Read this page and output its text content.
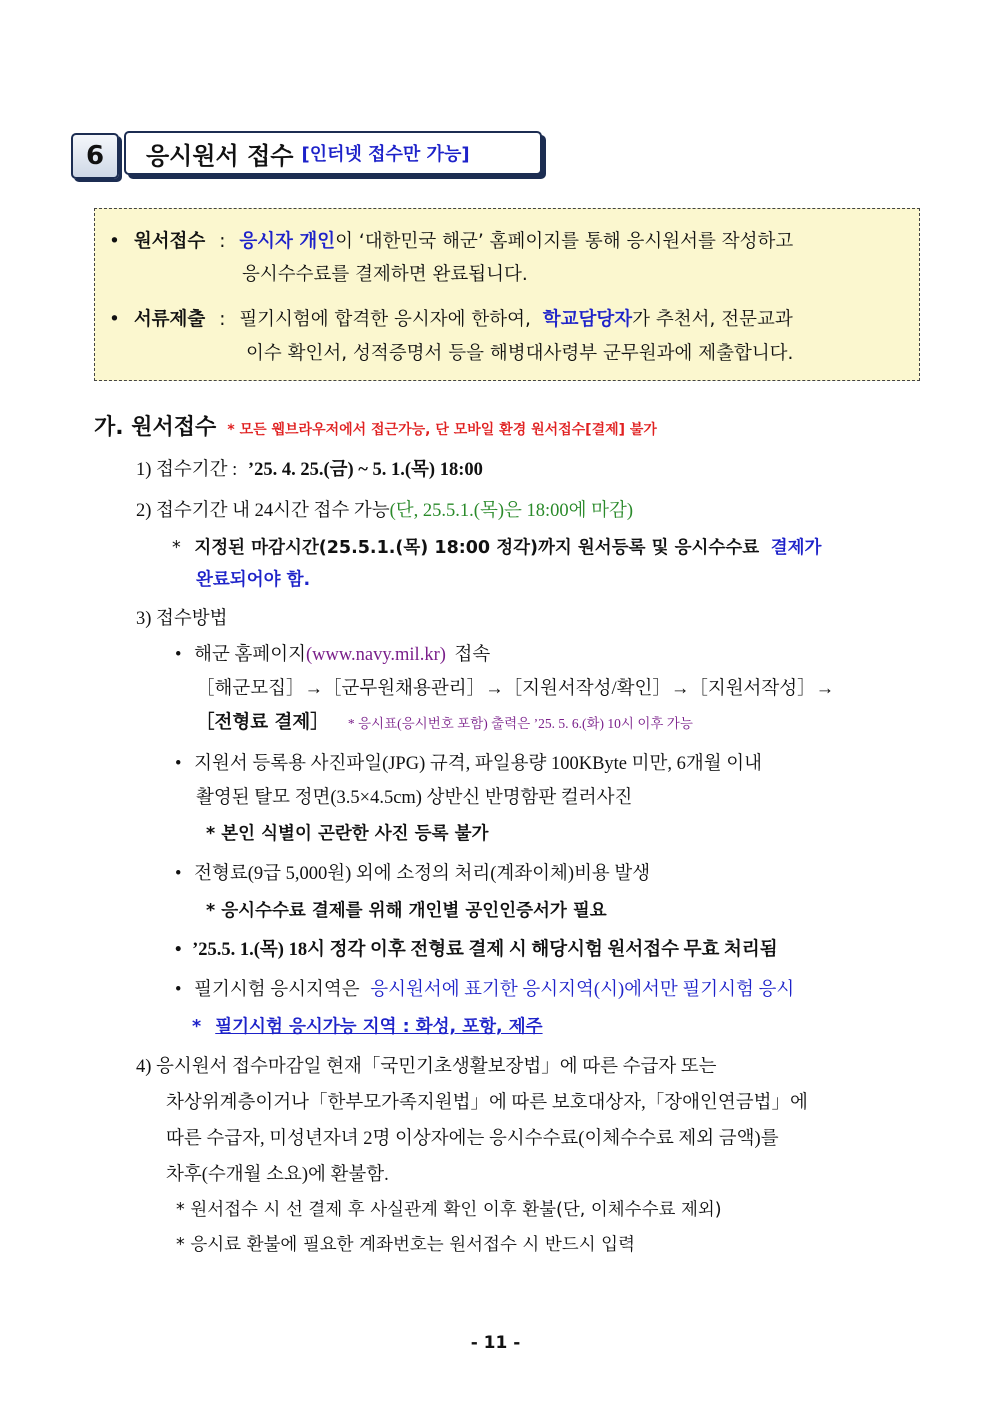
6 응시원서 접수 [인터넷 접수만 가능]
• 원서접수 : 응시자 개인이 ‘대한민국 해군’ 홈페이지를 통해 응시원서를 작성하고
응시수수료를 결제하면 완료됩니다.
• 서류제출 : 필기시험에 합격한 응시자에 한하여, 학교담당자가 추천서, 전문교과
이수 확인서, 성적증명서 등을 해병대사령부 군무원과에 제출합니다.
가. 원서접수 * 모든 웹브라우저에서 접근가능, 단 모바일 환경 원서접수[결제] 불가
1) 접수기간 : ’25. 4. 25.(금) ~ 5. 1.(목) 18:00
2) 접수기간 내 24시간 접수 가능(단, 25.5.1.(목)은 18:00에 마감)
* 지정된 마감시간(25.5.1.(목) 18:00 정각)까지 원서등록 및 응시수수료 결제가
완료되어야 함.
3) 접수방법
• 해군 홈페이지(www.navy.mil.kr) 접속
［해군모집］→［군무원채용관리］→［지원서작성/확인］→［지원서작성］→
［전형료 결제］ * 응시표(응시번호 포함) 출력은 ’25. 5. 6.(화) 10시 이후 가능
• 지원서 등록용 사진파일(JPG) 규격, 파일용량 100KByte 미만, 6개월 이내
촬영된 탈모 정면(3.5×4.5cm) 상반신 반명함판 컬러사진
* 본인 식별이 곤란한 사진 등록 불가
• 전형료(9급 5,000원) 외에 소정의 처리(계좌이체)비용 발생
* 응시수수료 결제를 위해 개인별 공인인증서가 필요
• ’25.5. 1.(목) 18시 정각 이후 전형료 결제 시 해당시험 원서접수 무효 처리됨
• 필기시험 응시지역은 응시원서에 표기한 응시지역(시)에서만 필기시험 응시
* 필기시험 응시가능 지역 : 화성, 포항, 제주
4) 응시원서 접수마감일 현재「국민기초생활보장법」에 따른 수급자 또는
차상위계층이거나「한부모가족지원법」에 따른 보호대상자,「장애인연금법」에
따른 수급자, 미성년자녀 2명 이상자에는 응시수수료(이체수수료 제외 금액)를
차후(수개월 소요)에 환불함.
* 원서접수 시 선 결제 후 사실관계 확인 이후 환불(단, 이체수수료 제외)
* 응시료 환불에 필요한 계좌번호는 원서접수 시 반드시 입력
- 11 -
